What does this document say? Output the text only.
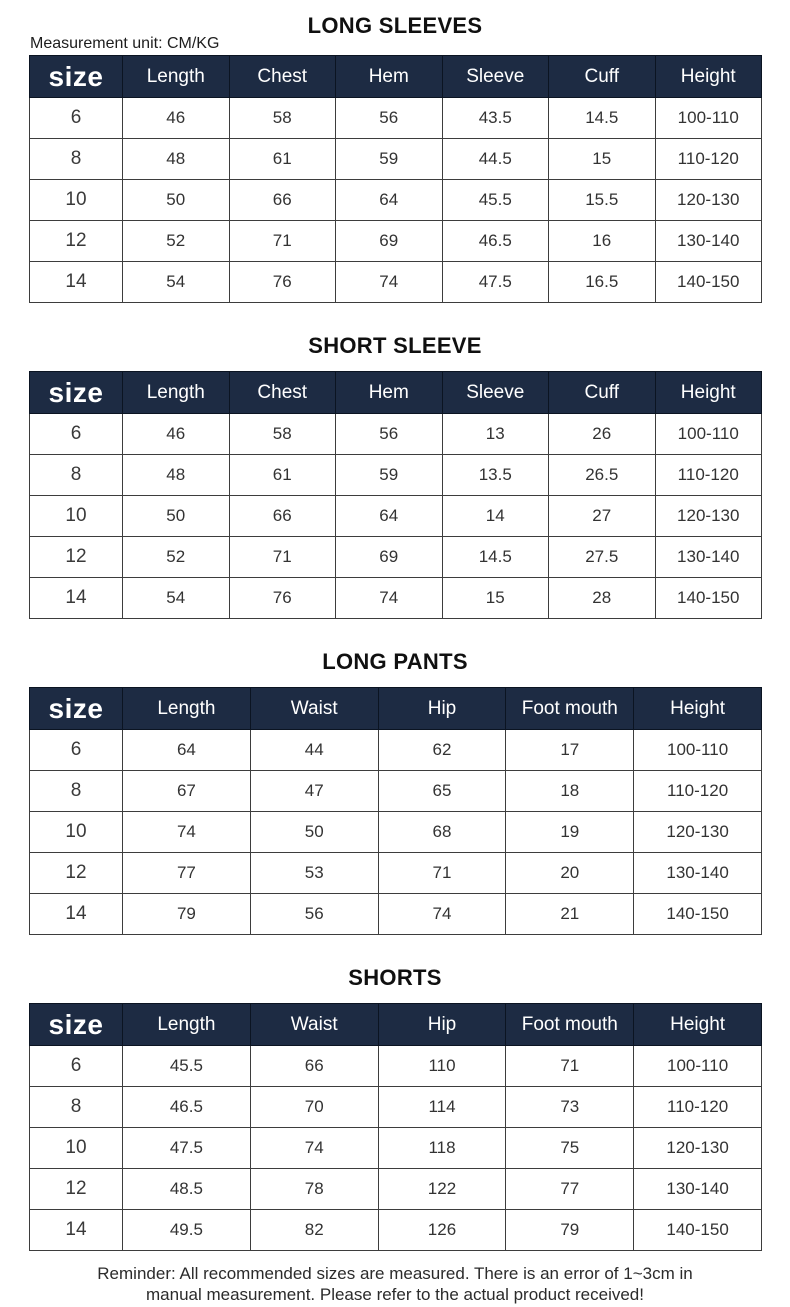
LONG SLEEVES
Measurement unit: CM/KG
size	Length	Chest	Hem	Sleeve	Cuff	Height
6	46	58	56	43.5	14.5	100-110
8	48	61	59	44.5	15	110-120
10	50	66	64	45.5	15.5	120-130
12	52	71	69	46.5	16	130-140
14	54	76	74	47.5	16.5	140-150
SHORT SLEEVE
size	Length	Chest	Hem	Sleeve	Cuff	Height
6	46	58	56	13	26	100-110
8	48	61	59	13.5	26.5	110-120
10	50	66	64	14	27	120-130
12	52	71	69	14.5	27.5	130-140
14	54	76	74	15	28	140-150
LONG PANTS
size	Length	Waist	Hip	Foot mouth	Height
6	64	44	62	17	100-110
8	67	47	65	18	110-120
10	74	50	68	19	120-130
12	77	53	71	20	130-140
14	79	56	74	21	140-150
SHORTS
size	Length	Waist	Hip	Foot mouth	Height
6	45.5	66	110	71	100-110
8	46.5	70	114	73	110-120
10	47.5	74	118	75	120-130
12	48.5	78	122	77	130-140
14	49.5	82	126	79	140-150
Reminder: All recommended sizes are measured. There is an error of 1~3cm in
manual measurement. Please refer to the actual product received!
